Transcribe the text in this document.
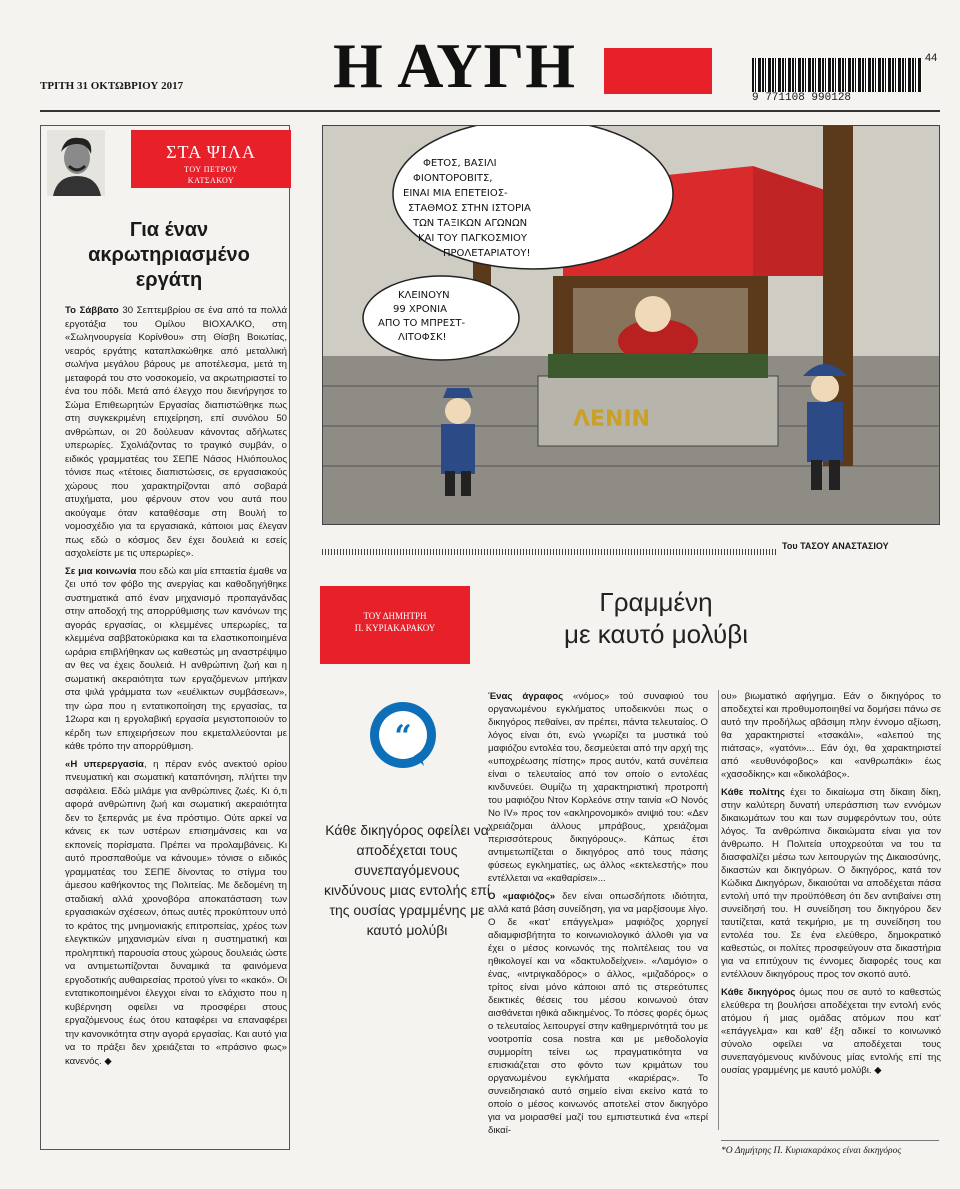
Η ΑΥΓΗ
ΤΡΙΤΗ 31 ΟΚΤΩΒΡΙΟΥ 2017
9 771108 990128
44
ΣΤΑ ΨΙΛΑ
ΤΟΥ ΠΕΤΡΟΥ
ΚΑΤΣΑΚΟΥ
Για έναν ακρωτηριασμένο εργάτη

Το Σάββατο 30 Σεπτεμβρίου σε ένα από τα πολλά εργοτάξια του Ομίλου ΒΙΟΧΑΛΚΟ, στη «Σωληνουργεία Κορίνθου» στη Θίσβη Βοιωτίας, νεαρός εργάτης καταπλακώθηκε από μεταλλική σωλήνα μεγάλου βάρους με αποτέλεσμα, μετά τη μεταφορά του στο νοσοκομείο, να ακρωτηριαστεί το ένα του πόδι. Μετά από έλεγχο που διενήργησε το Σώμα Επιθεωρητών Εργασίας διαπιστώθηκε πως στη συγκεκριμένη επιχείρηση, επί συνόλου 50 ανθρώπων, οι 20 δούλευαν κάνοντας αδήλωτες υπερωρίες. Σχολιάζοντας το τραγικό συμβάν, ο ειδικός γραμματέας του ΣΕΠΕ Νάσος Ηλιόπουλος τόνισε πως «τέτοιες διαπιστώσεις, σε εργασιακούς χώρους που χαρακτηρίζονται από σοβαρά ατυχήματα, μου φέρνουν στον νου αυτά που ακούγαμε όταν καταθέσαμε στη Βουλή το νομοσχέδιο για τα εργασιακά, κάποιοι μας έλεγαν πως εδώ ο κόσμος δεν έχει δουλειά κι εσείς ασχολείστε με τις υπερωρίες».

Σε μια κοινωνία που εδώ και μία επταετία έμαθε να ζει υπό τον φόβο της ανεργίας και καθοδηγήθηκε συστηματικά από έναν μηχανισμό προπαγάνδας στην αποδοχή της απορρύθμισης των κανόνων της αγοράς εργασίας, οι κλεμμένες υπερωρίες, τα κλεμμένα σαββατοκύριακα και τα ελαστικοποιημένα ωράρια επιβλήθηκαν ως καθεστώς μη αναστρέψιμο αν θες να έχεις δουλειά. Η ανθρώπινη ζωή και η σωματική ακεραιότητα των εργαζόμενων μπήκαν στα ψιλά γράμματα των «ευέλικτων συμβάσεων», την ώρα που η εντατικοποίηση της εργασίας, τα 12ωρα και η εργολαβική εργασία μεγιστοποιούν το κέρδη των επιχειρήσεων που εκμεταλλεύονται με κάθε τρόπο την απορρύθμιση.

«Η υπερεργασία, η πέραν ενός ανεκτού ορίου πνευματική και σωματική καταπόνηση, πλήττει την ασφάλεια. Εδώ μιλάμε για ανθρώπινες ζωές. Κι ό,τι αφορά ανθρώπινη ζωή και σωματική ακεραιότητα δεν το ξεπερνάς με ένα πρόστιμο. Ούτε αρκεί να κάνεις εκ των υστέρων επισημάνσεις και να εκπονείς πορίσματα. Πρέπει να προλαμβάνεις. Κι αυτό προσπαθούμε να κάνουμε» τόνισε ο ειδικός γραμματέας του ΣΕΠΕ δίνοντας το στίγμα του άμεσου καθήκοντος της Πολιτείας. Με δεδομένη τη σταδιακή αλλά χρονοβόρα αποκατάσταση των εργασιακών σχέσεων, όπως αυτές προκύπτουν υπό το κράτος της μνημονιακής επιτροπείας, χρέος των ελεγκτικών μηχανισμών είναι η συστηματική και προληπτική παρουσία στους χώρους δουλειάς ώστε να αντιμετωπίζονται δυναμικά τα φαινόμενα εργοδοτικής αυθαιρεσίας προτού γίνει το «κακό». Οι εντατικοποιημένοι έλεγχοι είναι το ελάχιστο που η κυβέρνηση οφείλει να προσφέρει στους εργαζόμενους έως ότου καταφέρει να επαναφέρει την κανονικότητα στην αγορά εργασίας. Και αυτό για να το πράξει δεν χρειάζεται το «πράσινο φως» κανενός. ◆

ΦΕΤΟΣ, ΒΑΣΙΛΙ
ΦΙΟΝΤΟΡΟΒΙΤΣ,
ΕΙΝΑΙ ΜΙΑ ΕΠΕΤΕΙΟΣ-
ΣΤΑΘΜΟΣ ΣΤΗΝ ΙΣΤΟΡΙΑ
ΤΩΝ ΤΑΞΙΚΩΝ ΑΓΩΝΩΝ
ΚΑΙ ΤΟΥ ΠΑΓΚΟΣΜΙΟΥ
ΠΡΟΛΕΤΑΡΙΑΤΟΥ!
ΚΛΕΙΝΟΥΝ
99 ΧΡΟΝΙΑ
ΑΠΟ ΤΟ ΜΠΡΕΣΤ-
ΛΙΤΟΦΣΚ!
ΛΕΝΙΝ
Του ΤΑΣΟΥ ΑΝΑΣΤΑΣΙΟΥ
ΤΟΥ ΔΗΜΗΤΡΗ
Π. ΚΥΡΙΑΚΑΡΑΚΟΥ
Γραμμένη
με καυτό μολύβι
“
Κάθε δικηγόρος οφείλει να αποδέχεται τους συνεπαγόμενους κινδύνους μιας εντολής επί της ουσίας γραμμένης με καυτό μολύβι

Ένας άγραφος «νόμος» τού συναφιού του οργανωμένου εγκλήματος υποδεικνύει πως ο δικηγόρος πεθαίνει, αν πρέπει, πάντα τελευταίος. Ο λόγος είναι ότι, ενώ γνωρίζει τα μυστικά τού μαφιόζου εντολέα του, δεσμεύεται από την αρχή της «υποχρέωσης πίστης» προς αυτόν, κατά συνέπεια είναι ο τελευταίος από τον οποίο ο εντολέας κινδυνεύει. Θυμίζω τη χαρακτηριστική προτροπή του μαφιόζου Ντον Κορλεόνε στην ταινία «Ο Νονός Νο IV» προς τον «ακληρονομικό» ανιψιό του: «Δεν χρειάζομαι άλλους μπράβους, χρειάζομαι περισσότερους δικηγόρους». Κάπως έτσι αντιμετωπίζεται ο δικηγόρος από τους πάσης φύσεως εγκληματίες, ως άλλος «εκτελεστής» που εντέλλεται να «καθαρίσει»...

Ο «μαφιόζος» δεν είναι οπωσδήποτε ιδιότητα, αλλά κατά βάση συνείδηση, για να μαρξίσουμε λίγο. Ο δε «κατ' επάγγελμα» μαφιόζος χορηγεί αδιαμφισβήτητα το κοινωνιολογικό άλλοθι για να έχει ο μέσος κοινωνός της πολιτέλειας του να ηθικολογεί και να «δακτυλοδείχνει». «Λαμόγιο» ο ένας, «ιντριγκαδόρος» ο άλλος, «μιζαδόρος» ο τρίτος είναι μόνο κάποιοι από τις στερεότυπες δεικτικές θέσεις του μέσου κοινωνού όταν αισθάνεται ηθικά αδικημένος. Το πόσες φορές όμως ο τελευταίος λειτουργεί στην καθημερινότητά του με νοοτροπία cosa nostra και με μεθοδολογία συμμορίτη τείνει ως πραγματικότητα να επισκιάζεται στο φόντο των κριμάτων του οργανωμένου εγκλήματα «καριέρας». Το συνειδησιακό αυτό σημείο είναι εκείνο κατά το οποίο ο μέσος κοινωνός αποτελεί στον δικηγόρο για να μοιρασθεί μαζί του εμπιστευτικά ένα «περί δικαί-

ου» βιωματικό αφήγημα. Εάν ο δικηγόρος το αποδεχτεί και προθυμοποιηθεί να δομήσει πάνω σε αυτό την προδήλως αβάσιμη πλην έννομο αξίωση, θα χαρακτηριστεί «τσακάλι», «αλεπού της πιάτσας», «γατόνι»... Εάν όχι, θα χαρακτηριστεί από «ευθυνόφοβος» και «ανθρωπάκι» έως «χασοδίκης» και «δικολάβος».

Κάθε πολίτης έχει το δικαίωμα στη δίκαιη δίκη, στην καλύτερη δυνατή υπεράσπιση των εννόμων δικαιωμάτων του και των συμφερόντων του, ούτε λόγος. Τα ανθρώπινα δικαιώματα είναι για τον άνθρωπο. Η Πολιτεία υποχρεούται να του τα διασφαλίζει μέσω των λειτουργών της Δικαιοσύνης, δικαστών και δικηγόρων. Ο δικηγόρος, κατά τον Κώδικα Δικηγόρων, δικαιούται να αποδέχεται πάσα εντολή υπό την προϋπόθεση ότι δεν αντιβαίνει στη συνείδησή του. Η συνείδηση του δικηγόρου δεν ταυτίζεται, κατά τεκμήριο, με τη συνείδηση του εντολέα του. Σε ένα ελεύθερο, δημοκρατικό καθεστώς, οι πολίτες προσφεύγουν στα δικαστήρια για να επιτύχουν τις έννομες διαφορές τους και εντέλλουν δικηγόρους προς τον σκοπό αυτό.

Κάθε δικηγόρος όμως που σε αυτό το καθεστώς ελεύθερα τη βουλήσει αποδέχεται την εντολή ενός ατόμου ή μιας ομάδας ατόμων που κατ' «επάγγελμα» και καθ' έξη αδικεί το κοινωνικό σύνολο οφείλει να αποδέχεται τους συνεπαγόμενους κινδύνους μίας εντολής επί της ουσίας γραμμένης με καυτό μολύβι. ◆

*Ο Δημήτρης Π. Κυριακαράκος είναι δικηγόρος
